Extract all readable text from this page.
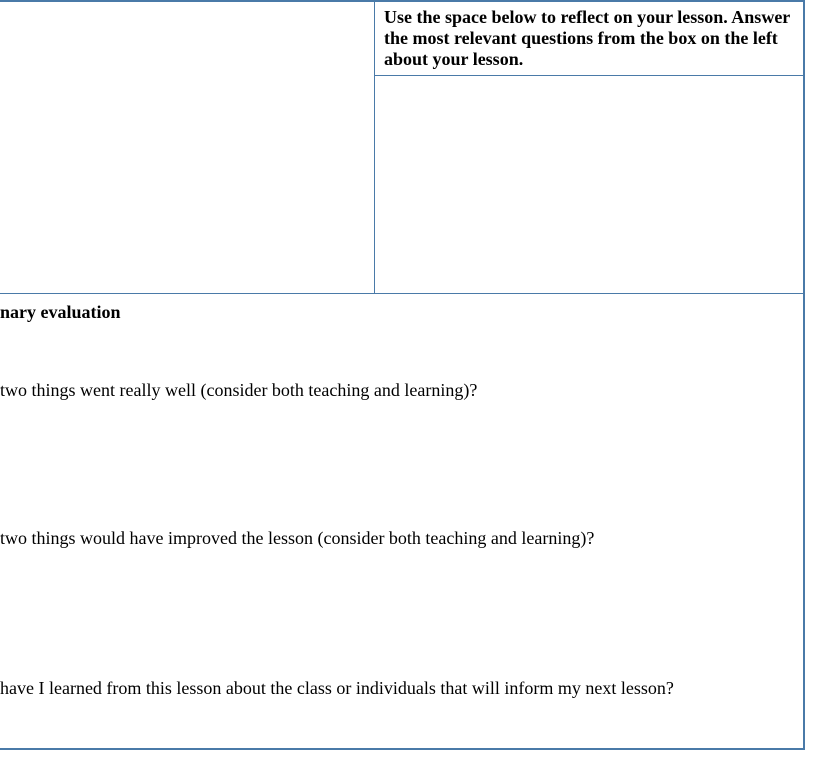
Use the space below to reflect on your lesson. Answer the most relevant questions from the box on the left about your lesson.
nary evaluation
two things went really well (consider both teaching and learning)?
two things would have improved the lesson (consider both teaching and learning)?
have I learned from this lesson about the class or individuals that will inform my next lesson?
